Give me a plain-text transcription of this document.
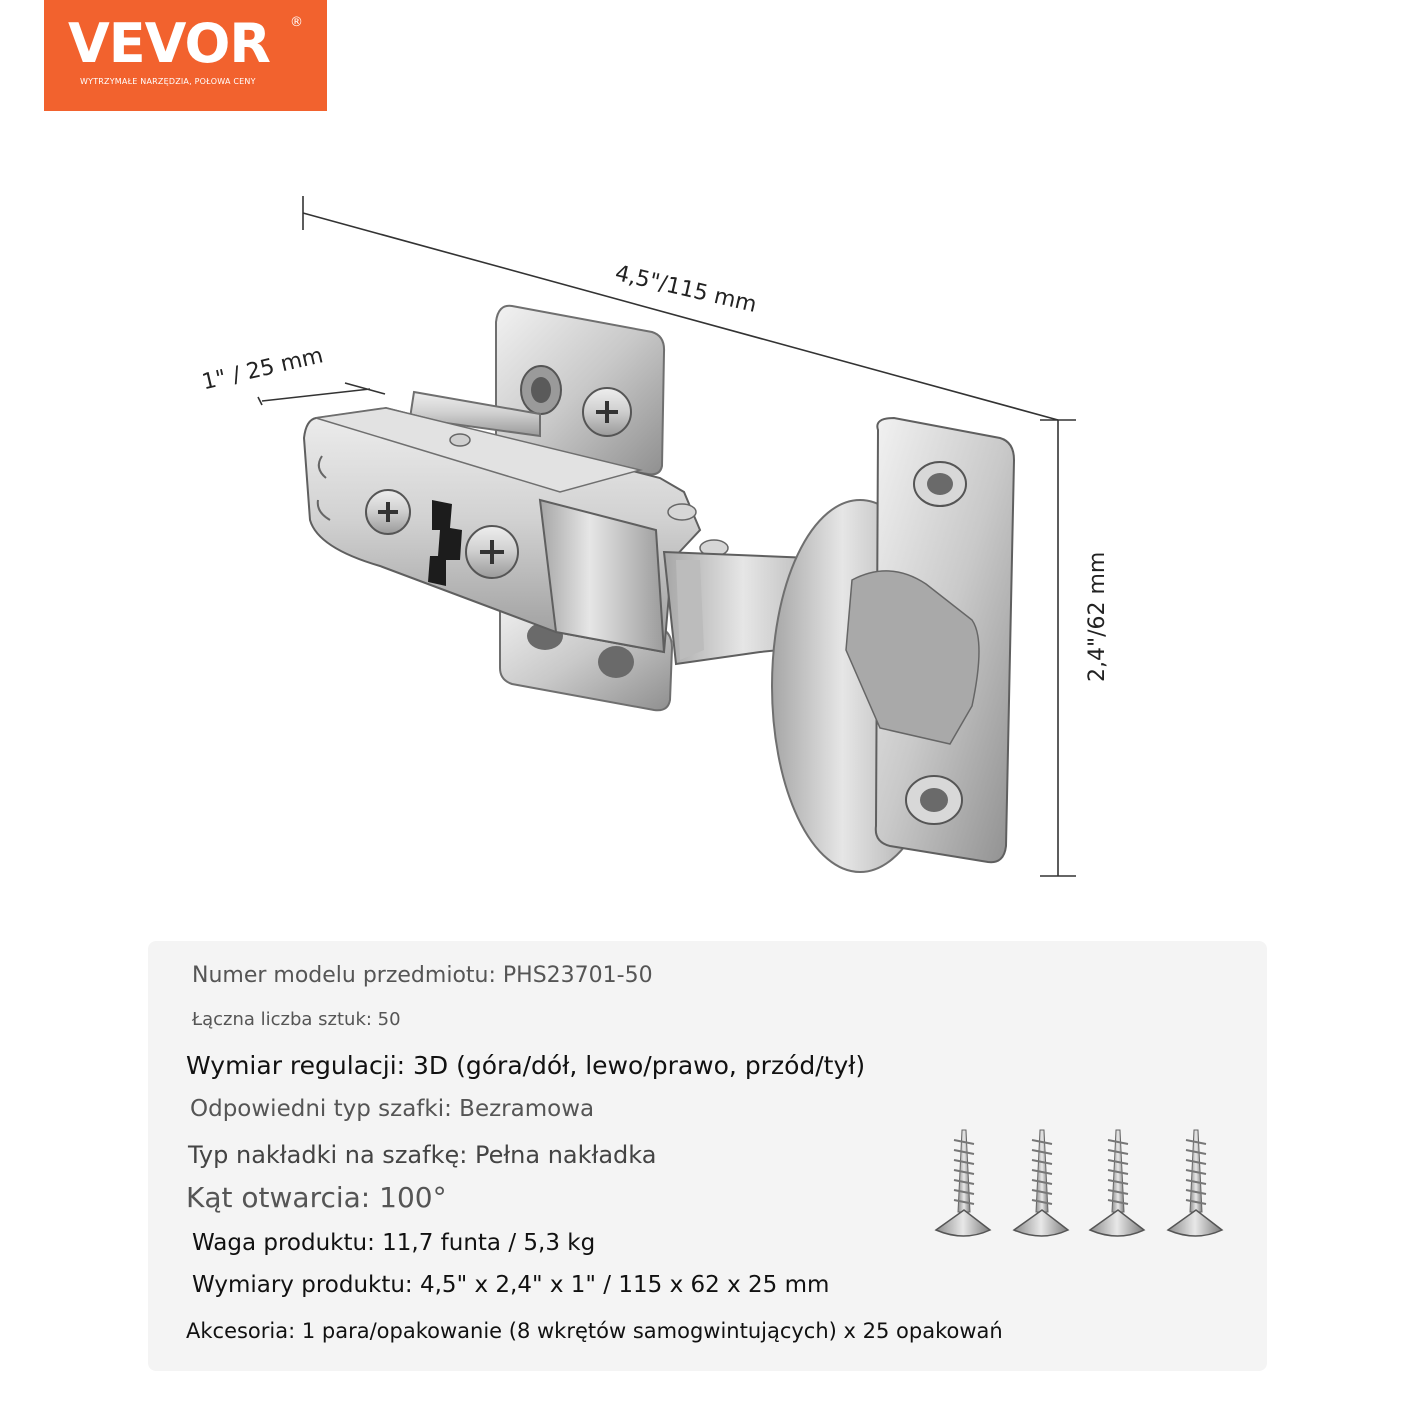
VEVOR ®
WYTRZYMAŁE NARZĘDZIA, POŁOWA CENY
4,5"/115 mm
1" / 25 mm
2,4"/62 mm
Numer modelu przedmiotu: PHS23701-50
Łączna liczba sztuk: 50
Wymiar regulacji: 3D (góra/dół, lewo/prawo, przód/tył)
Odpowiedni typ szafki: Bezramowa
Typ nakładki na szafkę: Pełna nakładka
Kąt otwarcia: 100°
Waga produktu: 11,7 funta / 5,3 kg
Wymiary produktu: 4,5" x 2,4" x 1" / 115 x 62 x 25 mm
Akcesoria: 1 para/opakowanie (8 wkrętów samogwintujących) x 25 opakowań
